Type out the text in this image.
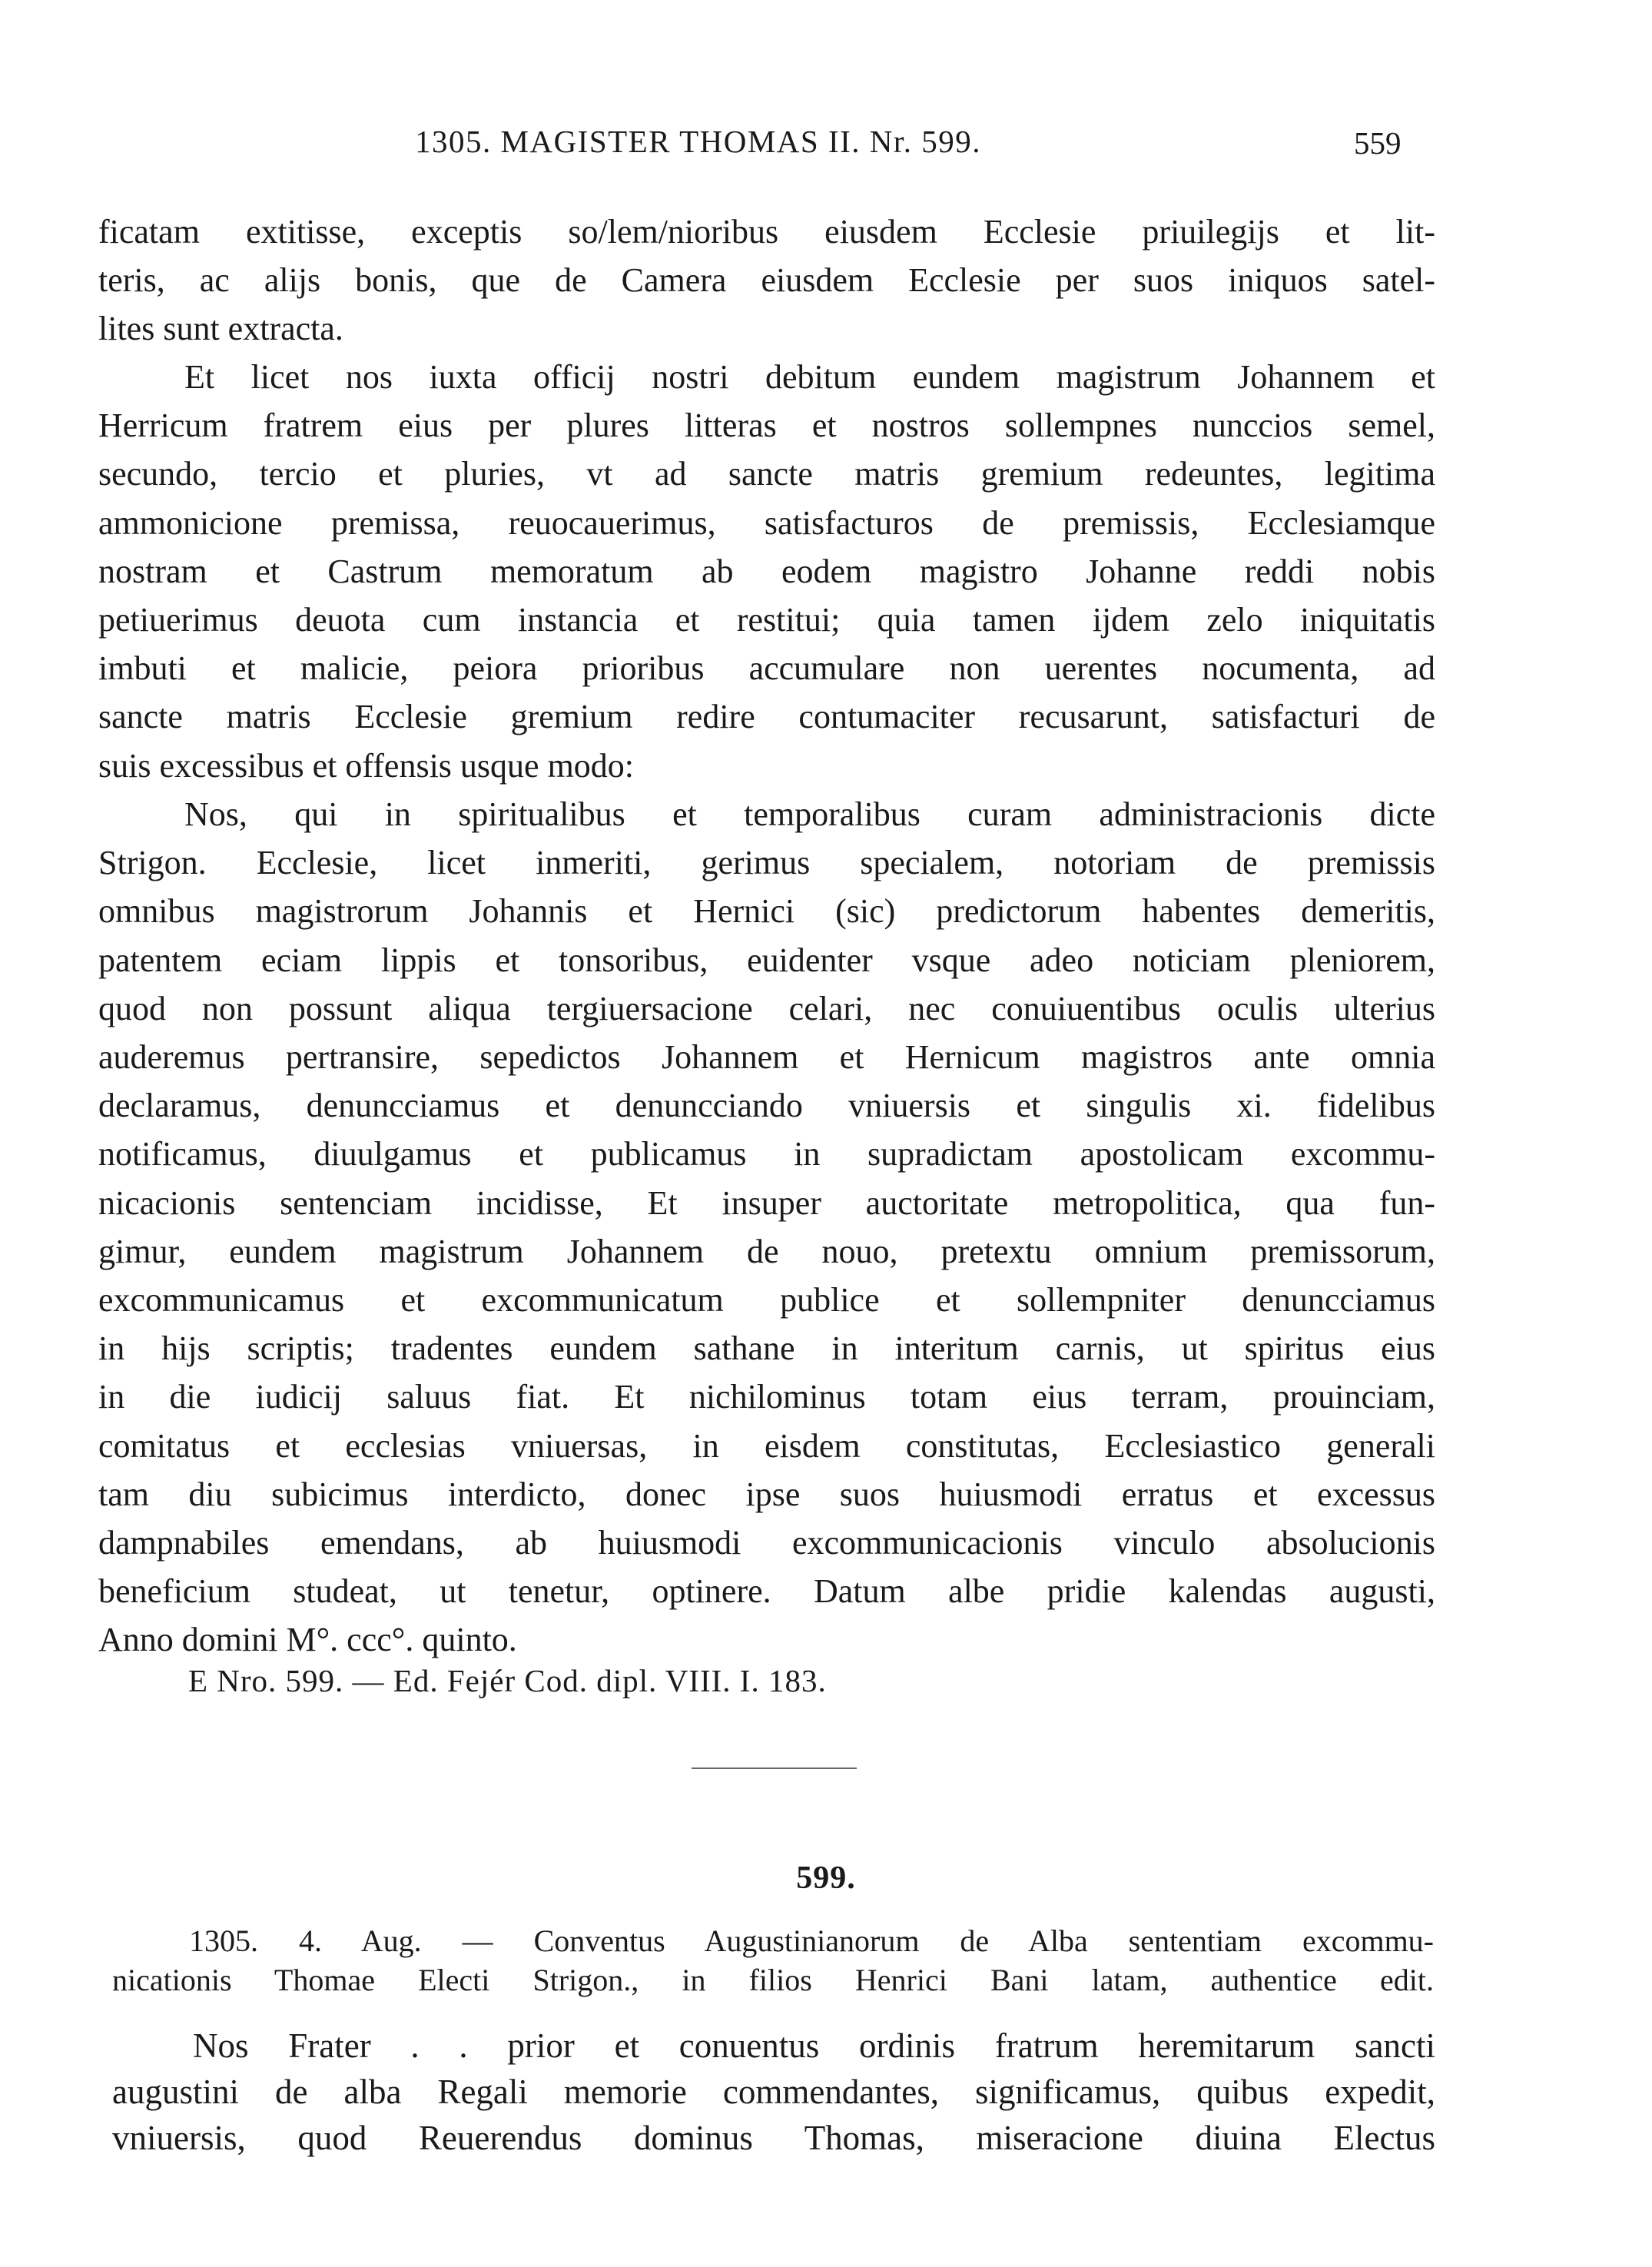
1305. MAGISTER THOMAS II. Nr. 599.	559
ficatam extitisse, exceptis so/lem/nioribus eiusdem Ecclesie priuilegijs et lit-
teris, ac alijs bonis, que de Camera eiusdem Ecclesie per suos iniquos satel-
lites sunt extracta.
Et licet nos iuxta officij nostri debitum eundem magistrum Johannem et
Herricum fratrem eius per plures litteras et nostros sollempnes nunccios semel,
secundo, tercio et pluries, vt ad sancte matris gremium redeuntes, legitima
ammonicione premissa, reuocauerimus, satisfacturos de premissis, Ecclesiamque
nostram et Castrum memoratum ab eodem magistro Johanne reddi nobis
petiuerimus deuota cum instancia et restitui; quia tamen ijdem zelo iniquitatis
imbuti et malicie, peiora prioribus accumulare non uerentes nocumenta, ad
sancte matris Ecclesie gremium redire contumaciter recusarunt, satisfacturi de
suis excessibus et offensis usque modo:
Nos, qui in spiritualibus et temporalibus curam administracionis dicte
Strigon. Ecclesie, licet inmeriti, gerimus specialem, notoriam de premissis
omnibus magistrorum Johannis et Hernici (sic) predictorum habentes demeritis,
patentem eciam lippis et tonsoribus, euidenter vsque adeo noticiam pleniorem,
quod non possunt aliqua tergiuersacione celari, nec conuiuentibus oculis ulterius
auderemus pertransire, sepedictos Johannem et Hernicum magistros ante omnia
declaramus, denuncciamus et denuncciando vniuersis et singulis xi. fidelibus
notificamus, diuulgamus et publicamus in supradictam apostolicam excommu-
nicacionis sentenciam incidisse, Et insuper auctoritate metropolitica, qua fun-
gimur, eundem magistrum Johannem de nouo, pretextu omnium premissorum,
excommunicamus et excommunicatum publice et sollempniter denuncciamus
in hijs scriptis; tradentes eundem sathane in interitum carnis, ut spiritus eius
in die iudicij saluus fiat. Et nichilominus totam eius terram, prouinciam,
comitatus et ecclesias vniuersas, in eisdem constitutas, Ecclesiastico generali
tam diu subicimus interdicto, donec ipse suos huiusmodi erratus et excessus
dampnabiles emendans, ab huiusmodi excommunicacionis vinculo absolucionis
beneficium studeat, ut tenetur, optinere. Datum albe pridie kalendas augusti,
Anno domini M°. ccc°. quinto.
E Nro. 599. — Ed. Fejér Cod. dipl. VIII. I. 183.
599.
1305. 4. Aug. — Conventus Augustinianorum de Alba sententiam excommu-
nicationis Thomae Electi Strigon., in filios Henrici Bani latam, authentice edit.
Nos Frater . . prior et conuentus ordinis fratrum heremitarum sancti
augustini de alba Regali memorie commendantes, significamus, quibus expedit,
vniuersis, quod Reuerendus dominus Thomas, miseracione diuina Electus
